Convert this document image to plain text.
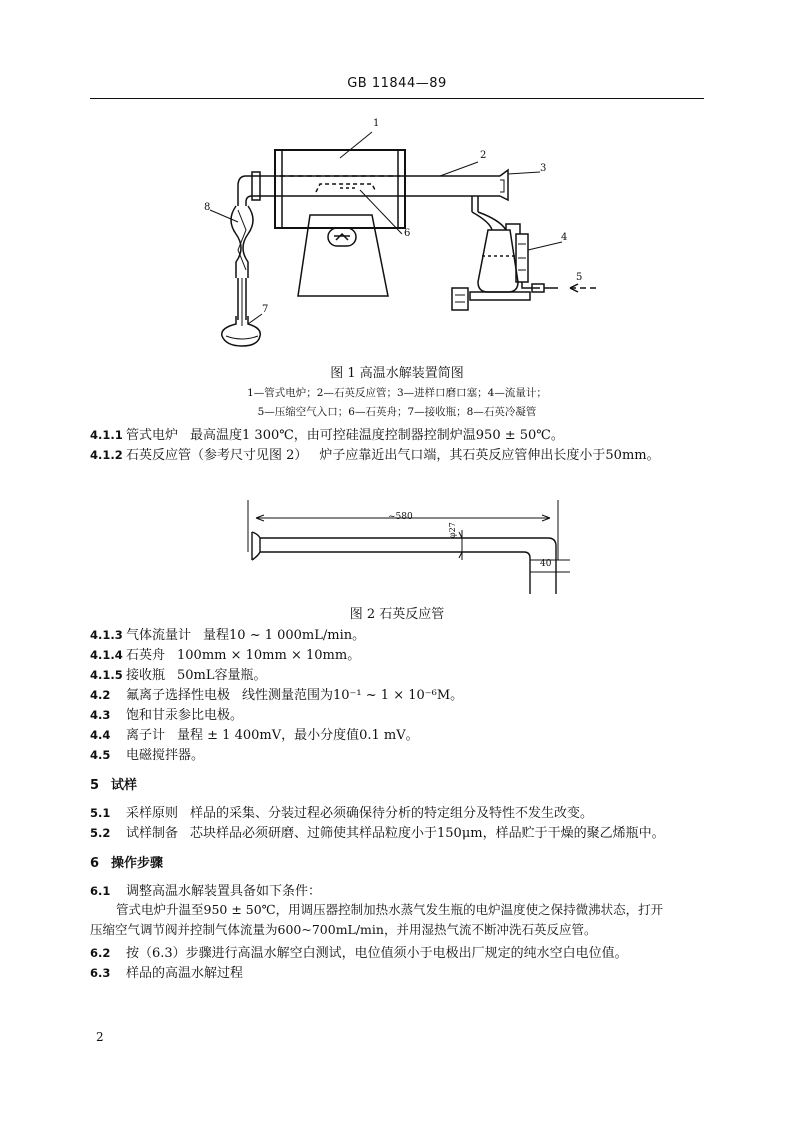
GB 11844—89
1
2
3
4
5
6
7
8
图 1 高温水解装置简图
1—管式电炉；2—石英反应管；3—进样口磨口塞；4—流量计；
5—压缩空气入口；6—石英舟；7—接收瓶；8—石英冷凝管
4.1.1 管式电炉 最高温度1 300℃，由可控硅温度控制器控制炉温950 ± 50℃。
4.1.2 石英反应管（参考尺寸见图 2） 炉子应靠近出气口端，其石英反应管伸出长度小于50mm。
~580
φ27
40
图 2 石英反应管
4.1.3 气体流量计 量程10 ~ 1 000mL/min。
4.1.4 石英舟 100mm × 10mm × 10mm。
4.1.5 接收瓶 50mL容量瓶。
4.2 氟离子选择性电极 线性测量范围为10⁻¹ ~ 1 × 10⁻⁶M。
4.3 饱和甘汞参比电极。
4.4 离子计 量程 ± 1 400mV，最小分度值0.1 mV。
4.5 电磁搅拌器。
5 试样
5.1 采样原则 样品的采集、分装过程必须确保待分析的特定组分及特性不发生改变。
5.2 试样制备 芯块样品必须研磨、过筛使其样品粒度小于150μm，样品贮于干燥的聚乙烯瓶中。
6 操作步骤
6.1 调整高温水解装置具备如下条件：
管式电炉升温至950 ± 50℃，用调压器控制加热水蒸气发生瓶的电炉温度使之保持微沸状态，打开
压缩空气调节阀并控制气体流量为600~700mL/min，并用湿热气流不断冲洗石英反应管。
6.2 按（6.3）步骤进行高温水解空白测试，电位值须小于电极出厂规定的纯水空白电位值。
6.3 样品的高温水解过程
2
